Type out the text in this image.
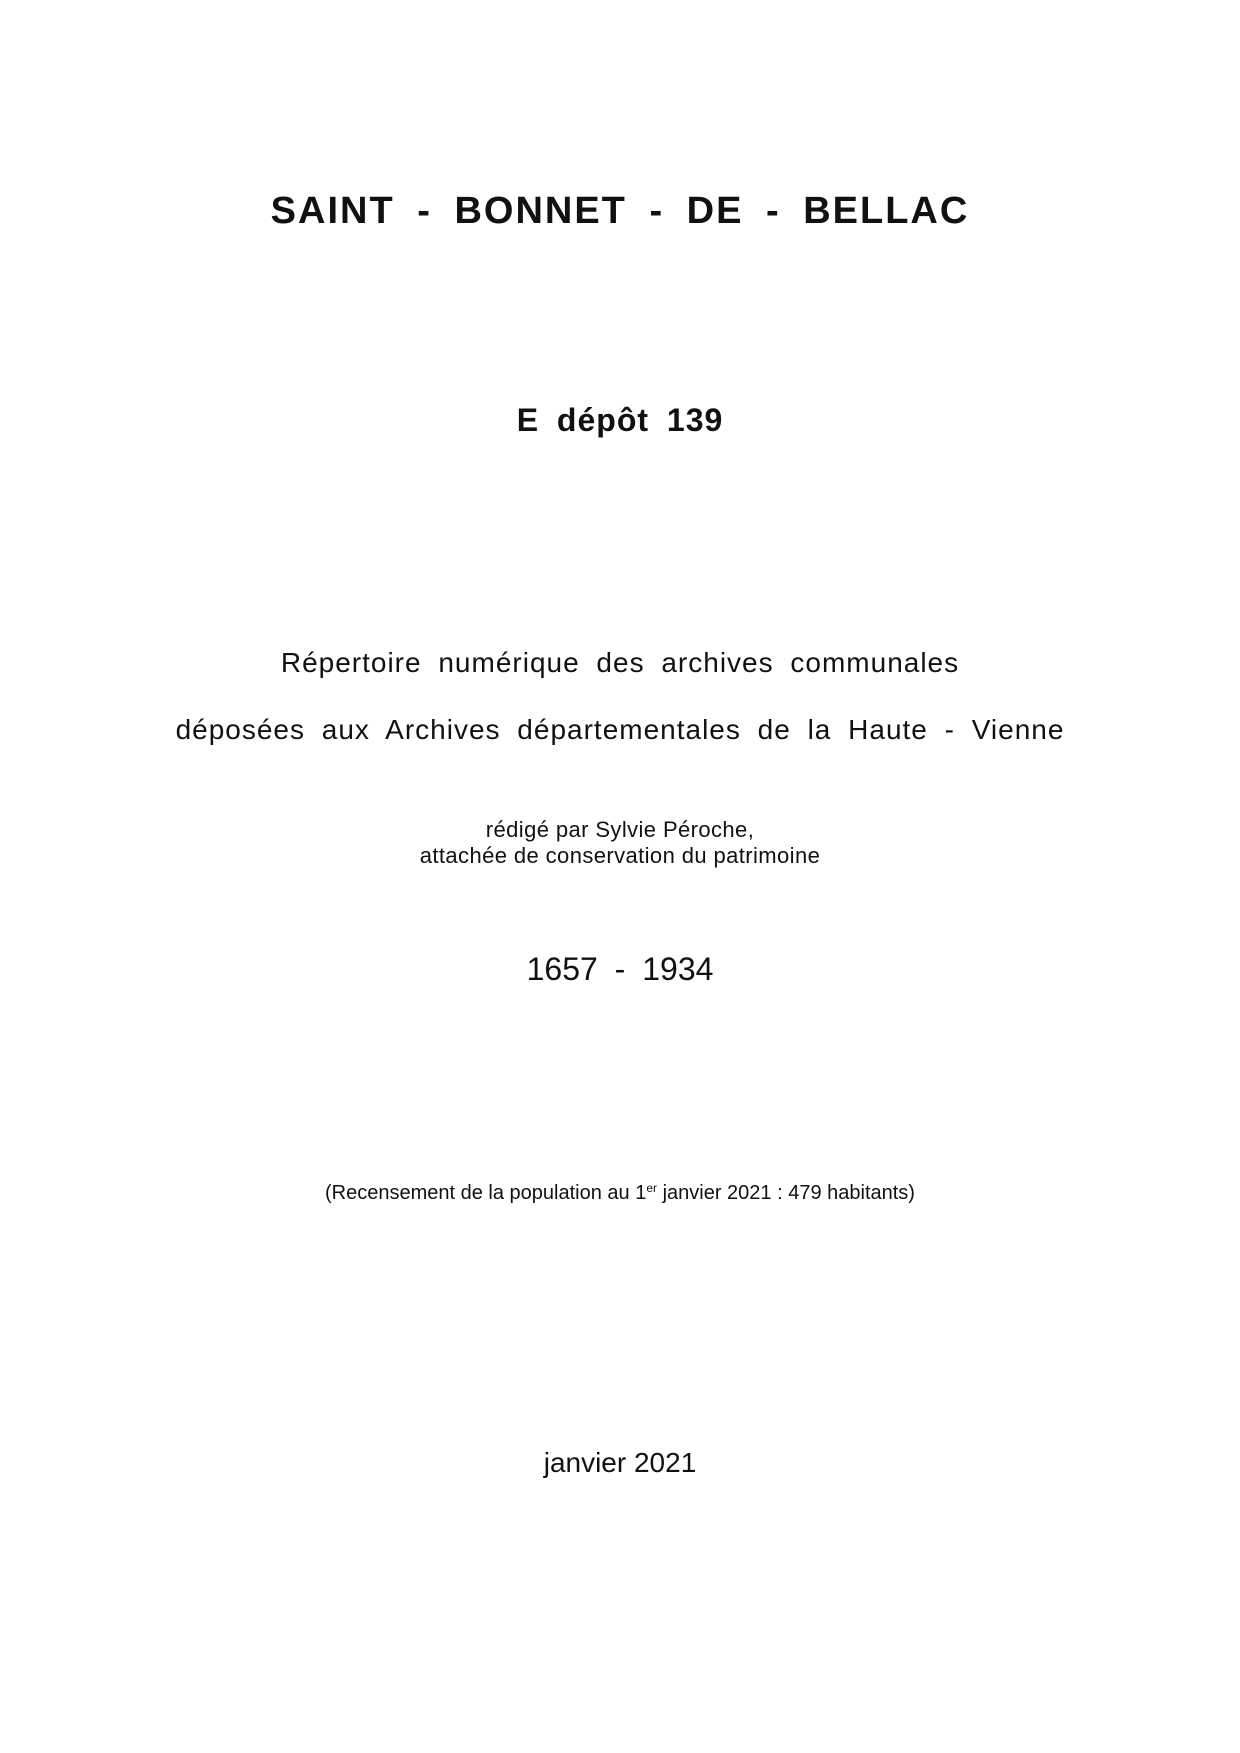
SAINT - BONNET - DE - BELLAC
E dépôt 139

Répertoire numérique des archives communales

déposées aux Archives départementales de la Haute - Vienne

rédigé par Sylvie Péroche,

attachée de conservation du patrimoine

1657 - 1934

(Recensement de la population au 1er janvier 2021 : 479 habitants)

janvier 2021
